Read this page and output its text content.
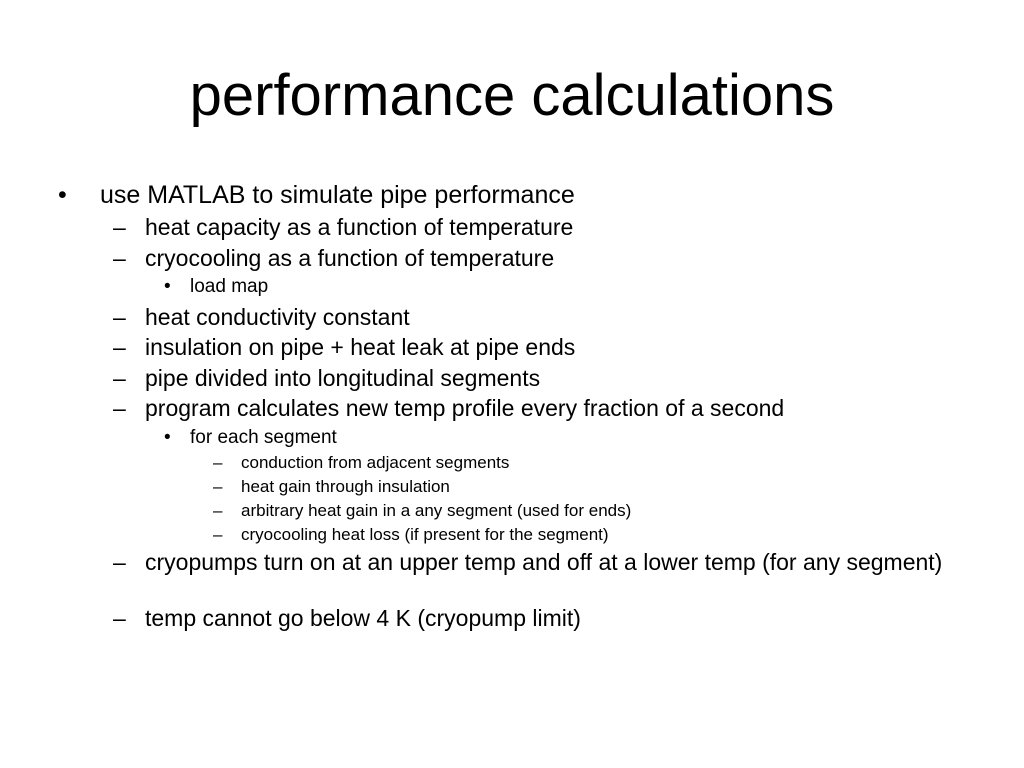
performance calculations
• use MATLAB to simulate pipe performance
– heat capacity as a function of temperature
– cryocooling as a function of temperature
• load map
– heat conductivity constant
– insulation on pipe + heat leak at pipe ends
– pipe divided into longitudinal segments
– program calculates new temp profile every fraction of a second
• for each segment
– conduction from adjacent segments
– heat gain through insulation
– arbitrary heat gain in a any segment (used for ends)
– cryocooling heat loss (if present for the segment)
– cryopumps turn on at an upper temp and off at a lower temp (for any segment)
– temp cannot go below 4 K (cryopump limit)
